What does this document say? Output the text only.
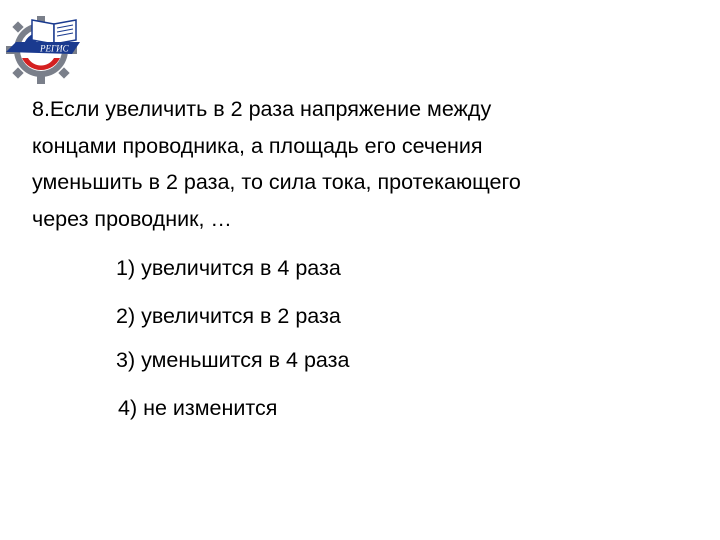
РЕГИС
8.Если увеличить в 2 раза напряжение между
концами проводника, а площадь его сечения
уменьшить в 2 раза, то сила тока, протекающего
через проводник, …
1) увеличится в 4 раза
2) увеличится в 2 раза
3) уменьшится в 4 раза
4) не изменится
